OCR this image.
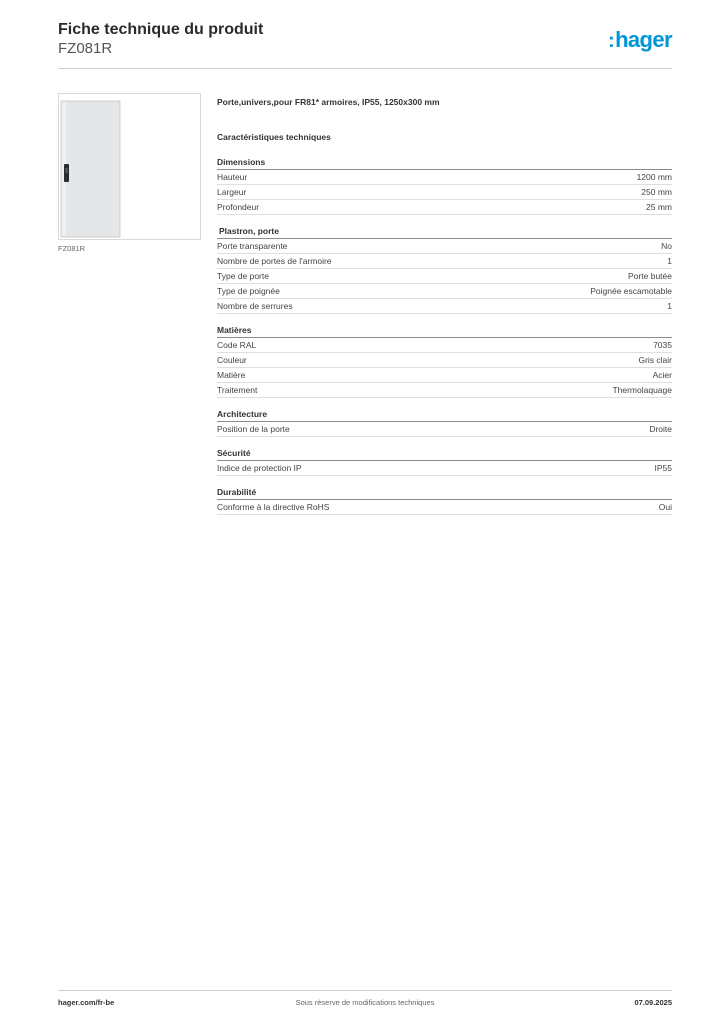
Fiche technique du produit
FZ081R	:hager
FZ081R
Porte,univers,pour FR81* armoires, IP55, 1250x300 mm
Caractéristiques techniques
Dimensions
Hauteur	1200 mm
Largeur	250 mm
Profondeur	25 mm
Plastron, porte
Porte transparente	No
Nombre de portes de l'armoire	1
Type de porte	Porte butée
Type de poignée	Poignée escamotable
Nombre de serrures	1
Matières
Code RAL	7035
Couleur	Gris clair
Matière	Acier
Traitement	Thermolaquage
Architecture
Position de la porte	Droite
Sécurité
Indice de protection IP	IP55
Durabilité
Conforme à la directive RoHS	Oui
Sous réserve de modifications techniques
hager.com/fr-be	07.09.2025
